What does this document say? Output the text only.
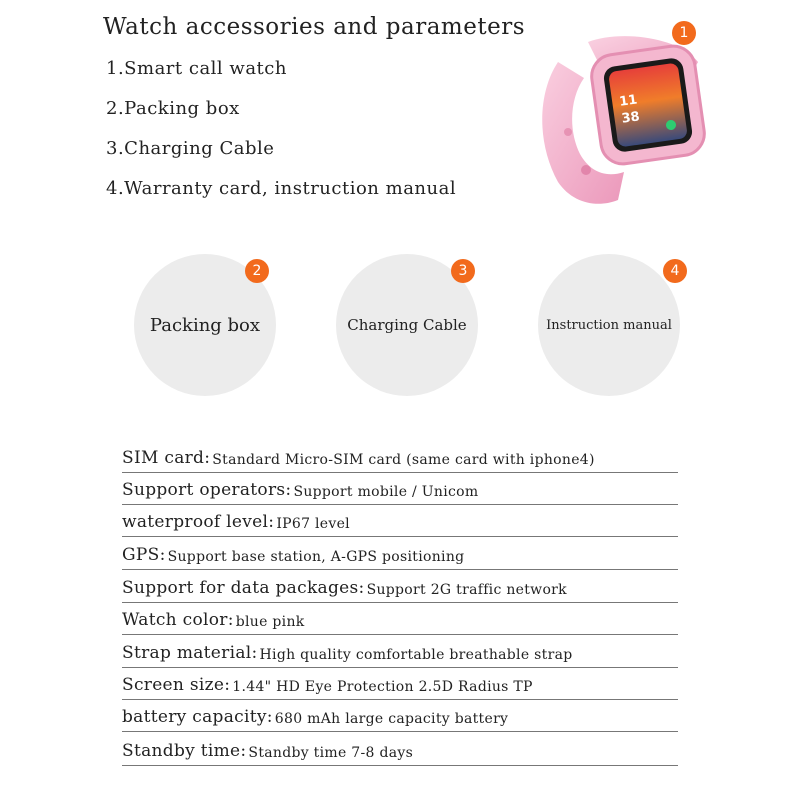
Watch accessories and parameters
1.Smart call watch
2.Packing box
3.Charging Cable
4.Warranty card, instruction manual
11
38
1
Packing box
2
Charging Cable
3
Instruction manual
4
SIM card: Standard Micro-SIM card (same card with iphone4)
Support operators: Support mobile / Unicom
waterproof level: IP67 level
GPS: Support base station, A-GPS positioning
Support for data packages: Support 2G traffic network
Watch color: blue pink
Strap material: High quality comfortable breathable strap
Screen size: 1.44" HD Eye Protection 2.5D Radius TP
battery capacity: 680 mAh large capacity battery
Standby time: Standby time 7-8 days
